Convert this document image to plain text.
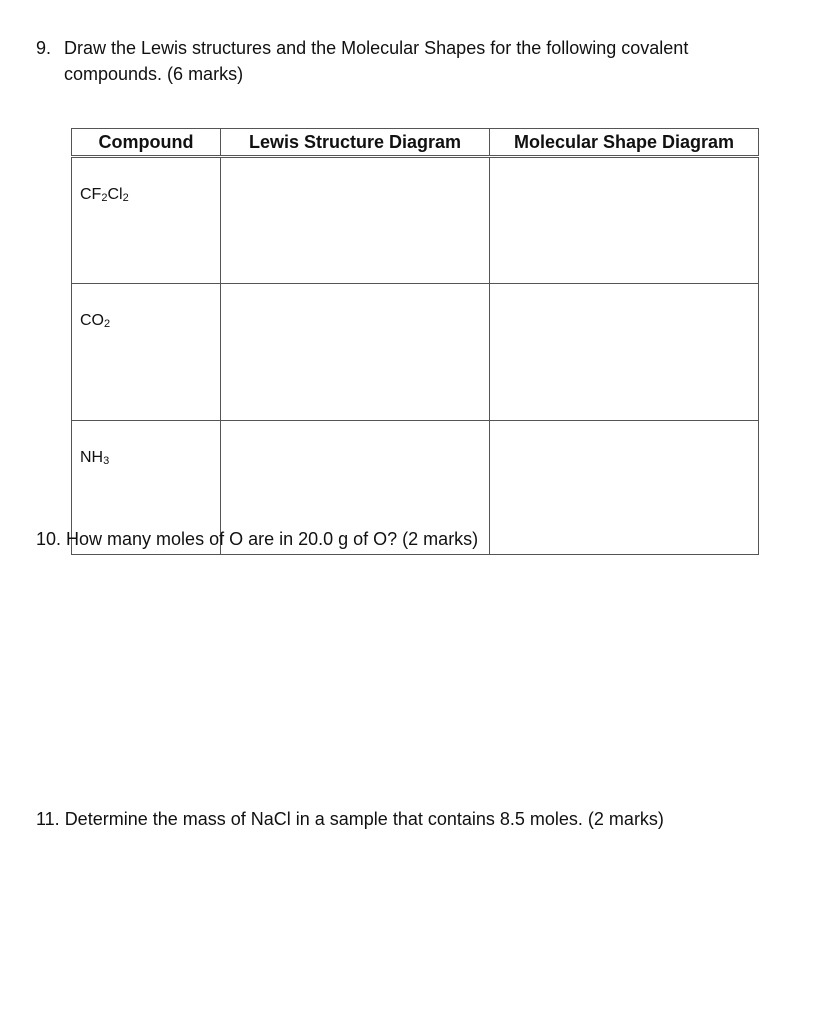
9. Draw the Lewis structures and the Molecular Shapes for the following covalent
compounds. (6 marks)
Compound	Lewis Structure Diagram	Molecular Shape Diagram
$CF_2Cl_2$		
$CO_2$		
$NH_3$		
10. How many moles of O are in 20.0 g of O? (2 marks)
11. Determine the mass of NaCl in a sample that contains 8.5 moles. (2 marks)
